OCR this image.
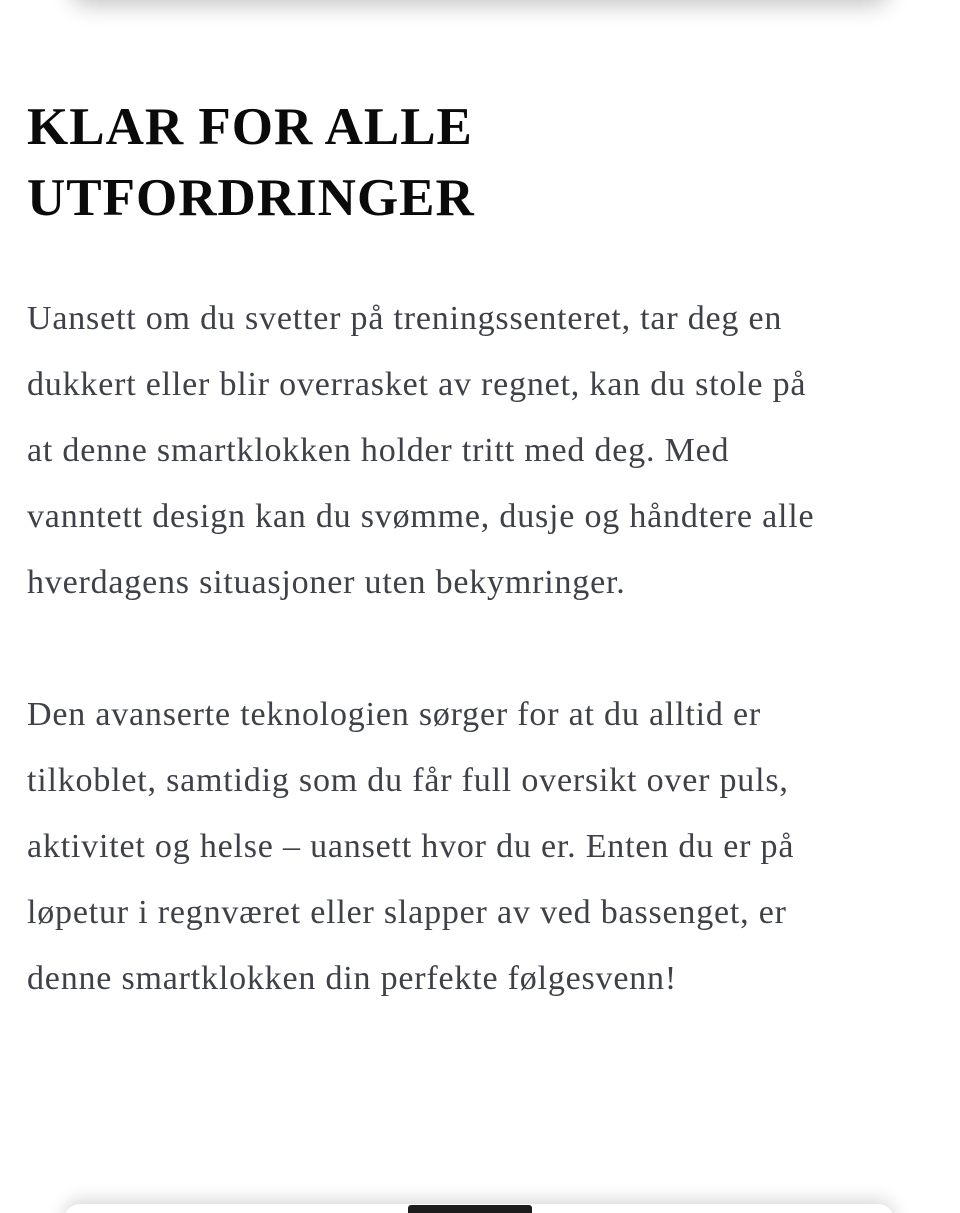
KLAR FOR ALLE
UTFORDRINGER

Uansett om du svetter på treningssenteret, tar deg en
dukkert eller blir overrasket av regnet, kan du stole på
at denne smartklokken holder tritt med deg. Med
vanntett design kan du svømme, dusje og håndtere alle
hverdagens situasjoner uten bekymringer.

Den avanserte teknologien sørger for at du alltid er
tilkoblet, samtidig som du får full oversikt over puls,
aktivitet og helse – uansett hvor du er. Enten du er på
løpetur i regnværet eller slapper av ved bassenget, er
denne smartklokken din perfekte følgesvenn!
